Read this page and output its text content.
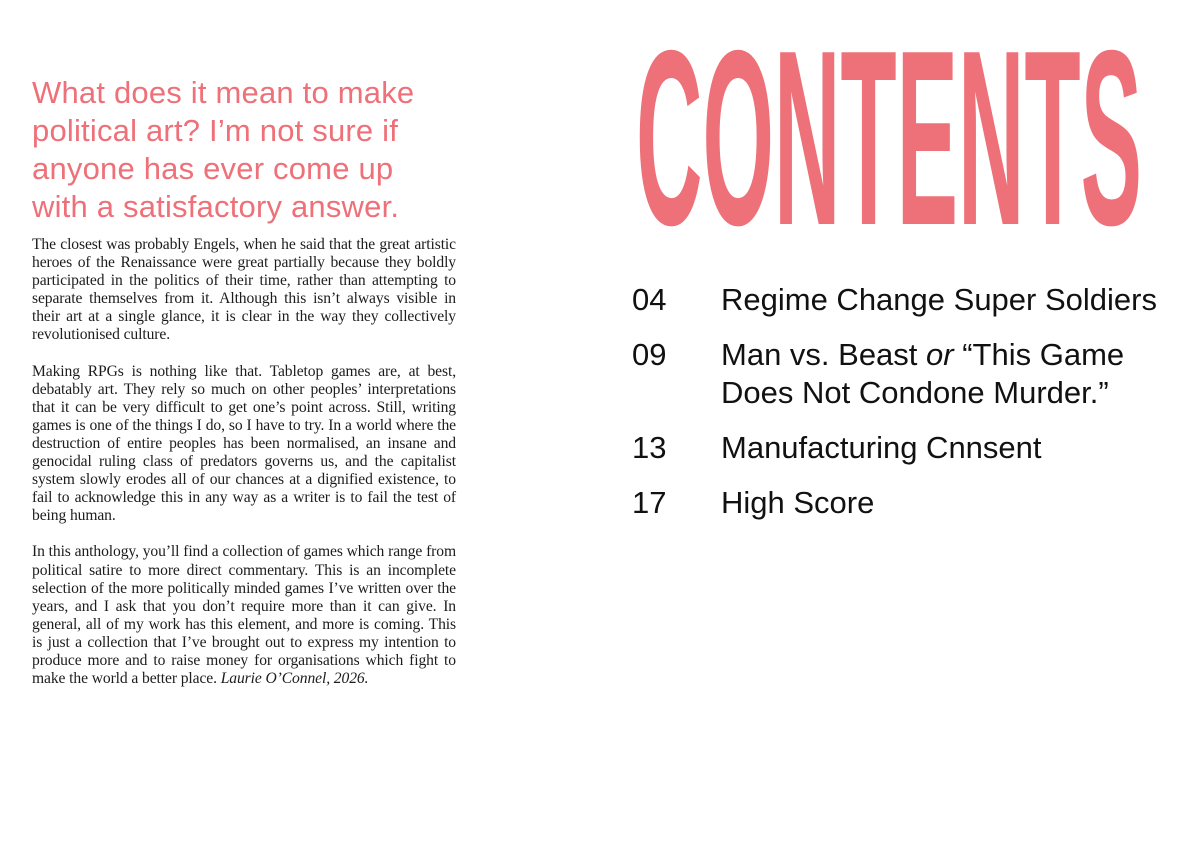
What does it mean to make political art? I’m not sure if anyone has ever come up with a satisfactory answer.

The closest was probably Engels, when he said that the great artistic heroes of the Renaissance were great partially because they boldly participated in the politics of their time, rather than attempting to separate themselves from it. Although this isn’t always visible in their art at a single glance, it is clear in the way they collectively revolutionised culture.

Making RPGs is nothing like that. Tabletop games are, at best, debatably art. They rely so much on other peoples’ interpretations that it can be very difficult to get one’s point across. Still, writing games is one of the things I do, so I have to try. In a world where the destruction of entire peoples has been normalised, an insane and genocidal ruling class of predators governs us, and the capitalist system slowly erodes all of our chances at a dignified existence, to fail to acknowledge this in any way as a writer is to fail the test of being human.

In this anthology, you’ll find a collection of games which range from political satire to more direct commentary. This is an incomplete selection of the more politically minded games I’ve written over the years, and I ask that you don’t require more than it can give. In general, all of my work has this element, and more is coming. This is just a collection that I’ve brought out to express my intention to produce more and to raise money for organisations which fight to make the world a better place. Laurie O’Connel, 2026.

CONTENTS
04	Regime Change Super Soldiers
09	Man vs. Beast or “This Game Does Not Condone Murder.”
13	Manufacturing Cnnsent
17	High Score
